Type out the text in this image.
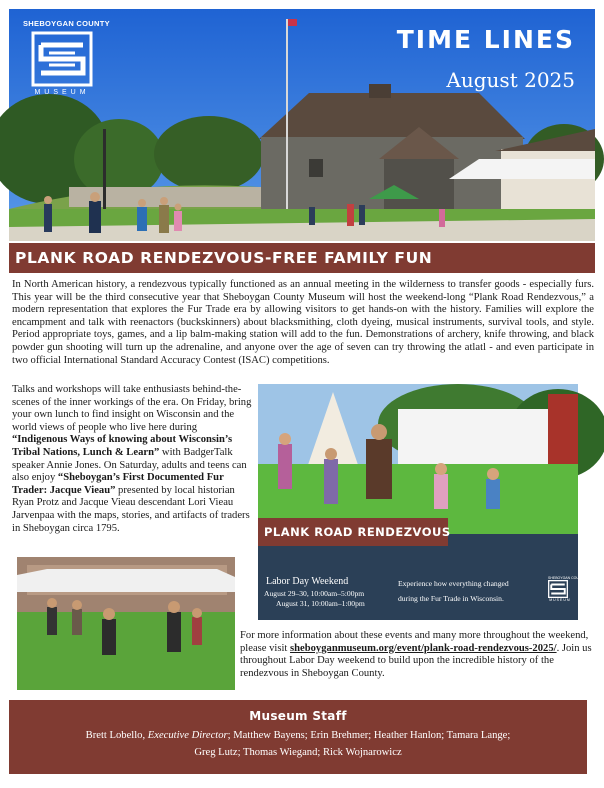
SHEBOYGAN COUNTY
MUSEUM
TIME LINES
August 2025
PLANK ROAD RENDEZVOUS-FREE FAMILY FUN

In North American history, a rendezvous typically functioned as an annual meeting in the wilderness to transfer goods - especially furs. This year will be the third consecutive year that Sheboygan County Museum will host the weekend-long “Plank Road Rendezvous,” a modern representation that explores the Fur Trade era by allowing visitors to get hands-on with the history. Families will explore the encampment and talk with reenactors (buckskinners) about blacksmithing, cloth dyeing, musical instruments, survival tools, and style. Period appropriate toys, games, and a lip balm-making station will add to the fun. Demonstrations of archery, knife throwing, and black powder gun shooting will turn up the adrenaline, and anyone over the age of seven can try throwing the atlatl - and even participate in two official International Standard Accuracy Contest (ISAC) competitions.

Talks and workshops will take enthusiasts behind-the-scenes of the inner workings of the era. On Friday, bring your own lunch to find insight on Wisconsin and the world views of people who live here during “Indigenous Ways of knowing about Wisconsin’s Tribal Nations, Lunch & Learn” with BadgerTalk speaker Annie Jones. On Saturday, adults and teens can also enjoy “Sheboygan’s First Documented Fur Trader: Jacque Vieau” presented by local historian Ryan Protz and Jacque Vieau descendant Lori Vieau Jarvenpaa with the maps, stories, and artifacts of traders in Sheboygan circa 1795.	PLANK ROAD RENDEZVOUS
Labor Day Weekend
August 29–30, 10:00am–5:00pm
August 31, 10:00am–1:00pm
Experience how everything changed
during the Fur Trade in Wisconsin.
SHEBOYGAN COUNTY
MUSEUM

For more information about these events and many more throughout the weekend, please visit sheboyganmuseum.org/event/plank-road-rendezvous-2025/. Join us throughout Labor Day weekend to build upon the incredible history of the rendezvous in Sheboygan County.

Museum Staff
Brett Lobello, Executive Director; Matthew Bayens; Erin Brehmer; Heather Hanlon; Tamara Lange;
Greg Lutz; Thomas Wiegand; Rick Wojnarowicz
